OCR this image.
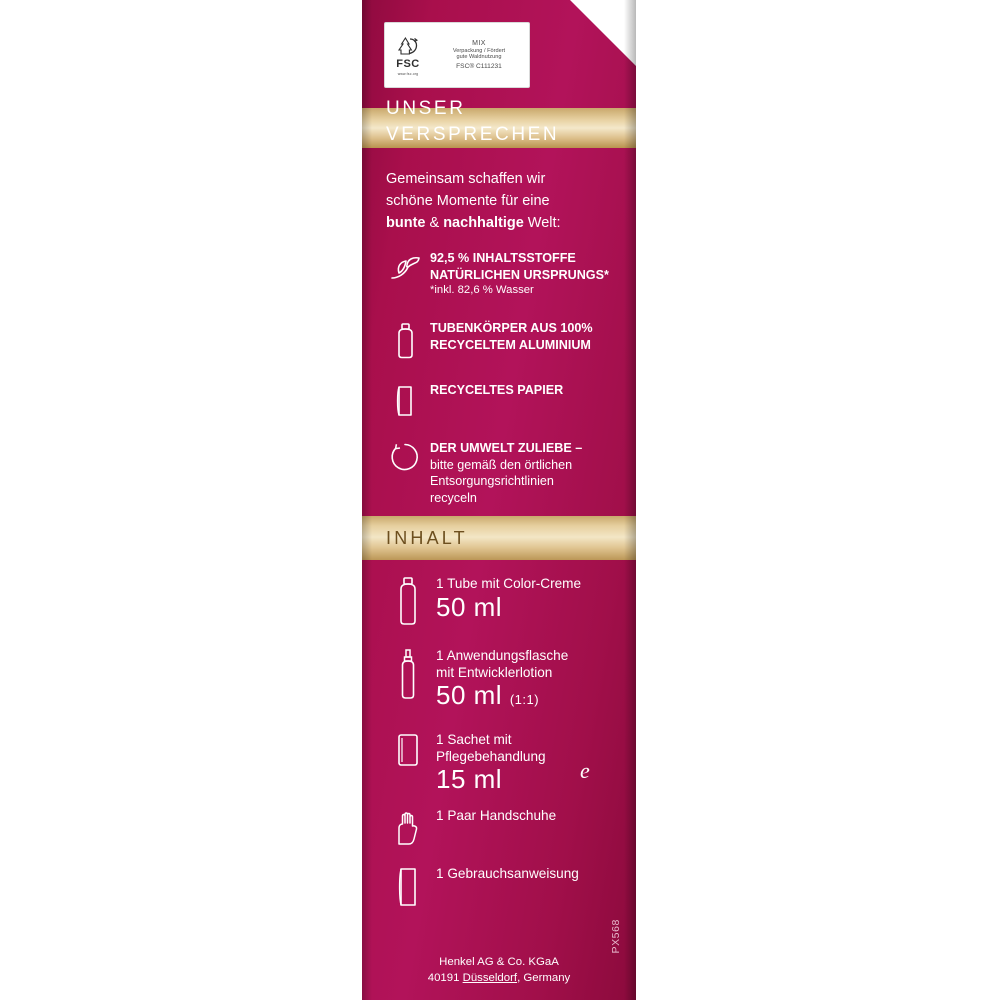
FSC
www.fsc.org
MIX
Verpackung / Fördert
gute Waldnutzung
FSC® C111231
UNSER
VERSPRECHEN
Gemeinsam schaffen wir
schöne Momente für eine
bunte & nachhaltige Welt:
92,5 % INHALTSSTOFFE
NATÜRLICHEN URSPRUNGS*
*inkl. 82,6 % Wasser
TUBENKÖRPER AUS 100%
RECYCELTEM ALUMINIUM
RECYCELTES PAPIER
DER UMWELT ZULIEBE –
bitte gemäß den örtlichen
Entsorgungsrichtlinien
recyceln
INHALT
1 Tube mit Color-Creme
50 ml
1 Anwendungsflasche
mit Entwicklerlotion
50 ml (1:1)
1 Sachet mit
Pflegebehandlung
15 ml	e
1 Paar Handschuhe
1 Gebrauchsanweisung
PX568
Henkel AG & Co. KGaA
40191 Düsseldorf, Germany
